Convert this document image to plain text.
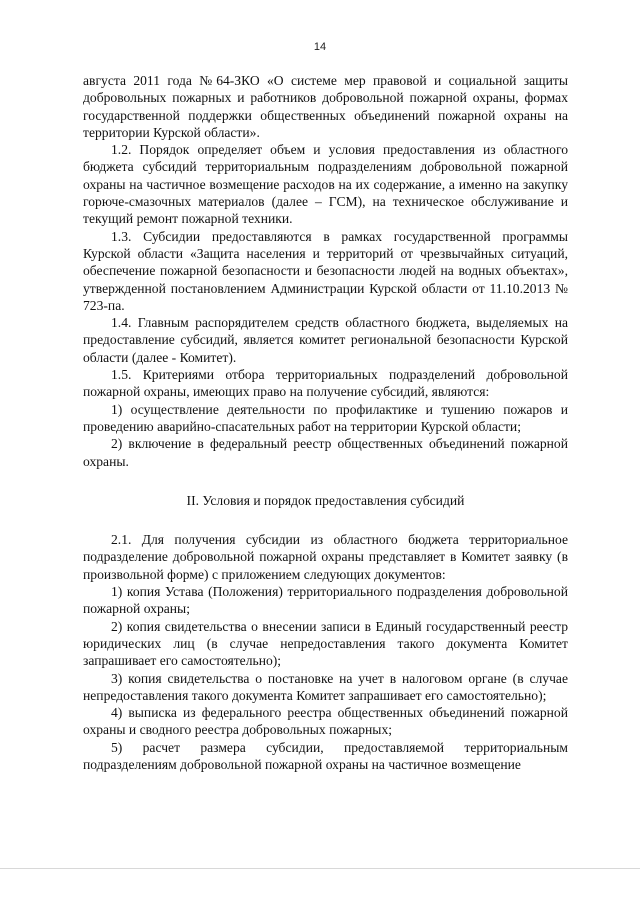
14

августа 2011 года №64-ЗКО «О системе мер правовой и социальной защиты добровольных пожарных и работников добровольной пожарной охраны, формах государственной поддержки общественных объединений пожарной охраны на территории Курской области».

1.2. Порядок определяет объем и условия предоставления из областного бюджета субсидий территориальным подразделениям добровольной пожарной охраны на частичное возмещение расходов на их содержание, а именно на закупку горюче-смазочных материалов (далее – ГСМ), на техническое обслуживание и текущий ремонт пожарной техники.

1.3. Субсидии предоставляются в рамках государственной программы Курской области «Защита населения и территорий от чрезвычайных ситуаций, обеспечение пожарной безопасности и безопасности людей на водных объектах», утвержденной постановлением Администрации Курской области от 11.10.2013 № 723-па.

1.4. Главным распорядителем средств областного бюджета, выделяемых на предоставление субсидий, является комитет региональной безопасности Курской области (далее - Комитет).

1.5. Критериями отбора территориальных подразделений добровольной пожарной охраны, имеющих право на получение субсидий, являются:

1) осуществление деятельности по профилактике и тушению пожаров и проведению аварийно-спасательных работ на территории Курской области;

2) включение в федеральный реестр общественных объединений пожарной охраны.

II. Условия и порядок предоставления субсидий

2.1. Для получения субсидии из областного бюджета территориальное подразделение добровольной пожарной охраны представляет в Комитет заявку (в произвольной форме) с приложением следующих документов:

1) копия Устава (Положения) территориального подразделения добровольной пожарной охраны;

2) копия свидетельства о внесении записи в Единый государственный реестр юридических лиц (в случае непредоставления такого документа Комитет запрашивает его самостоятельно);

3) копия свидетельства о постановке на учет в налоговом органе (в случае непредоставления такого документа Комитет запрашивает его самостоятельно);

4) выписка из федерального реестра общественных объединений пожарной охраны и сводного реестра добровольных пожарных;

5) расчет размера субсидии, предоставляемой территориальным подразделениям добровольной пожарной охраны на частичное возмещение
